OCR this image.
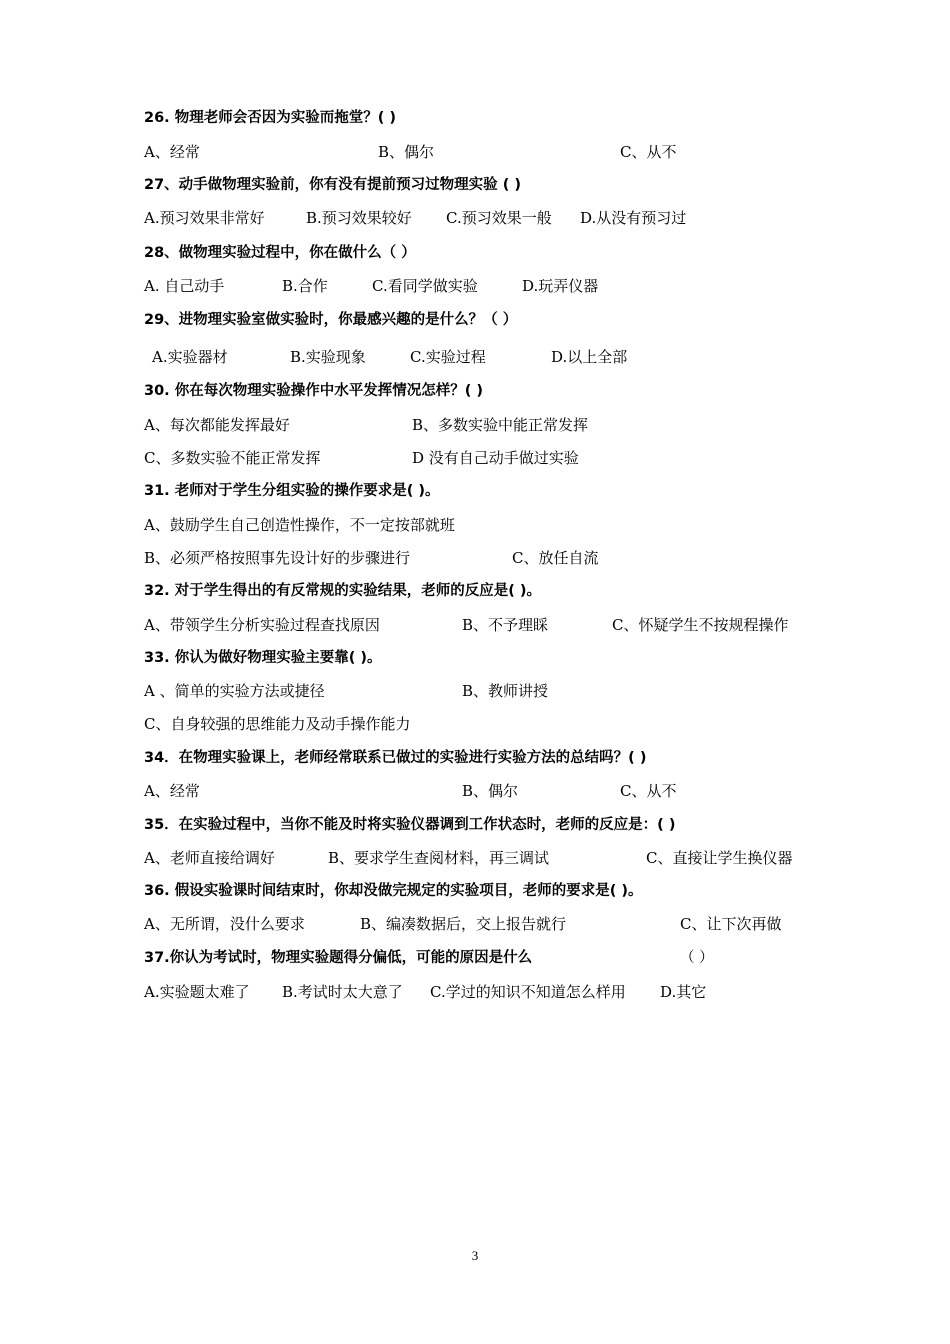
26. 物理老师会否因为实验而拖堂？( )
A、经常	B、偶尔	C、从不
27、动手做物理实验前，你有没有提前预习过物理实验 ( )
A.预习效果非常好	B.预习效果较好 C.预习效果一般 D.从没有预习过
28、做物理实验过程中，你在做什么（ ）
A. 自己动手	B.合作	C.看同学做实验	D.玩弄仪器
29、进物理实验室做实验时，你最感兴趣的是什么？（ ）
A.实验器材	B.实验现象	C.实验过程	D.以上全部
30. 你在每次物理实验操作中水平发挥情况怎样？( )
A、每次都能发挥最好	B、多数实验中能正常发挥
C、多数实验不能正常发挥	D 没有自己动手做过实验
31. 老师对于学生分组实验的操作要求是( )。
A、鼓励学生自己创造性操作，不一定按部就班
B、必须严格按照事先设计好的步骤进行	C、放任自流
32. 对于学生得出的有反常规的实验结果，老师的反应是( )。
A、带领学生分析实验过程查找原因	B、不予理睬	C、怀疑学生不按规程操作
33. 你认为做好物理实验主要靠( )。
A 、简单的实验方法或捷径	B、教师讲授
C、自身较强的思维能力及动手操作能力
34．在物理实验课上，老师经常联系已做过的实验进行实验方法的总结吗？( )
A、经常	B、偶尔	C、从不
35．在实验过程中，当你不能及时将实验仪器调到工作状态时，老师的反应是：( )
A、老师直接给调好	B、要求学生查阅材料，再三调试	C、直接让学生换仪器
36. 假设实验课时间结束时，你却没做完规定的实验项目，老师的要求是( )。
A、无所谓，没什么要求	B、编凑数据后，交上报告就行	C、让下次再做
37.你认为考试时，物理实验题得分偏低，可能的原因是什么	（ ）
A.实验题太难了 B.考试时太大意了 C.学过的知识不知道怎么样用 D.其它
3
